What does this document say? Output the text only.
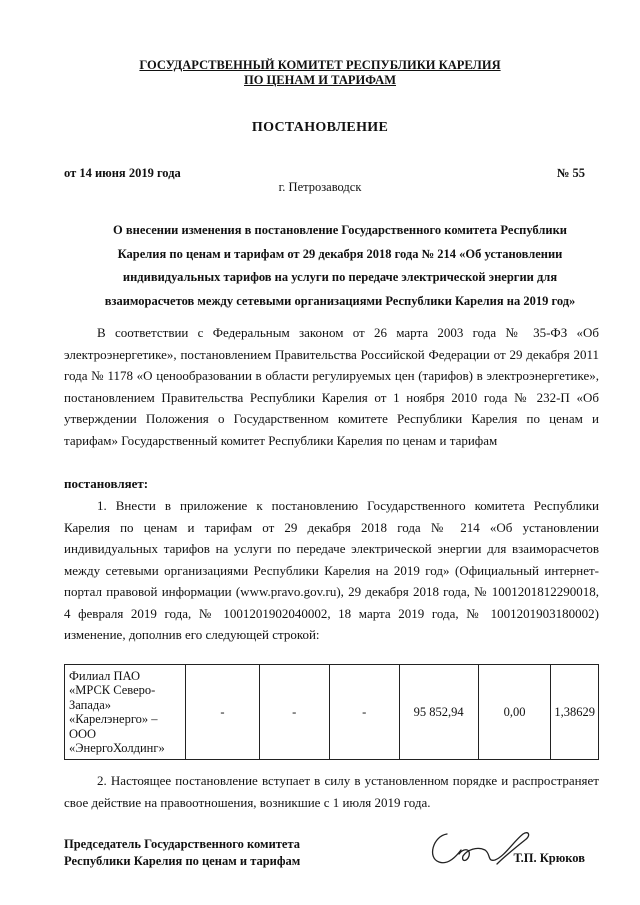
ГОСУДАРСТВЕННЫЙ КОМИТЕТ РЕСПУБЛИКИ КАРЕЛИЯ
ПО ЦЕНАМ И ТАРИФАМ
ПОСТАНОВЛЕНИЕ
от 14 июня 2019 года	№ 55
г. Петрозаводск
О внесении изменения в постановление Государственного комитета Республики
Карелия по ценам и тарифам от 29 декабря 2018 года № 214 «Об установлении
индивидуальных тарифов на услуги по передаче электрической энергии для
взаиморасчетов между сетевыми организациями Республики Карелия на 2019 год»

В соответствии с Федеральным законом от 26 марта 2003 года № 35-ФЗ «Об электроэнергетике», постановлением Правительства Российской Федерации от 29 декабря 2011 года № 1178 «О ценообразовании в области регулируемых цен (тарифов) в электроэнергетике», постановлением Правительства Республики Карелия от 1 ноября 2010 года № 232-П «Об утверждении Положения о Государственном комитете Республики Карелия по ценам и тарифам» Государственный комитет Республики Карелия по ценам и тарифам

постановляет:

1. Внести в приложение к постановлению Государственного комитета Республики Карелия по ценам и тарифам от 29 декабря 2018 года № 214 «Об установлении индивидуальных тарифов на услуги по передаче электрической энергии для взаиморасчетов между сетевыми организациями Республики Карелия на 2019 год» (Официальный интернет-портал правовой информации (www.pravo.gov.ru), 29 декабря 2018 года, № 1001201812290018, 4 февраля 2019 года, № 1001201902040002, 18 марта 2019 года, № 1001201903180002) изменение, дополнив его следующей строкой:

Филиал ПАО
«МРСК Северо-
Запада»
«Карелэнерго» –
ООО
«ЭнергоХолдинг»
	-	-	-	95 852,94	0,00	1,38629

2. Настоящее постановление вступает в силу в установленном порядке и распространяет свое действие на правоотношения, возникшие с 1 июля 2019 года.

Председатель Государственного комитета
Республики Карелия по ценам и тарифам	Т.П. Крюков
